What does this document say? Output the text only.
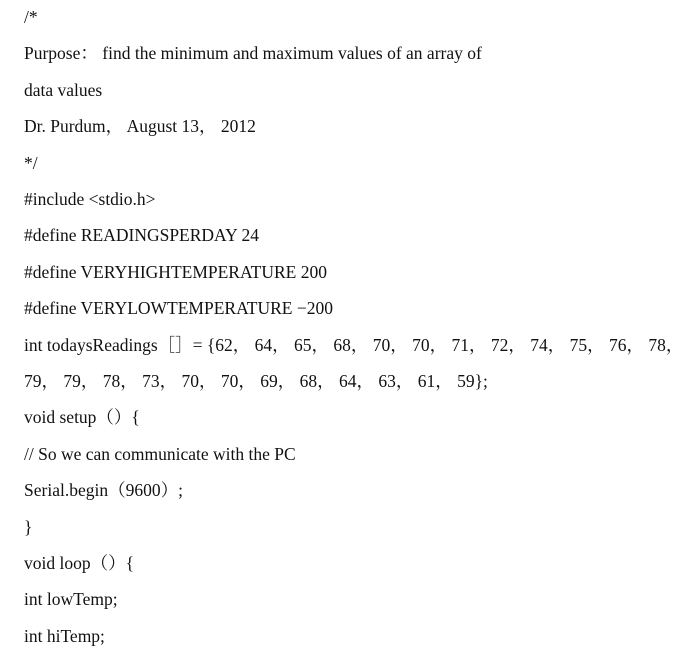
/*
Purpose： find the minimum and maximum values of an array of
data values
Dr. Purdum， August 13， 2012
*/
#include <stdio.h>
#define READINGSPERDAY 24
#define VERYHIGHTEMPERATURE 200
#define VERYLOWTEMPERATURE −200
int todaysReadings［］= {62， 64， 65， 68， 70， 70， 71， 72， 74， 75， 76， 78，
79， 79， 78， 73， 70， 70， 69， 68， 64， 63， 61， 59};
void setup（）{
// So we can communicate with the PC
Serial.begin（9600）;
}
void loop（）{
int lowTemp;
int hiTemp;
